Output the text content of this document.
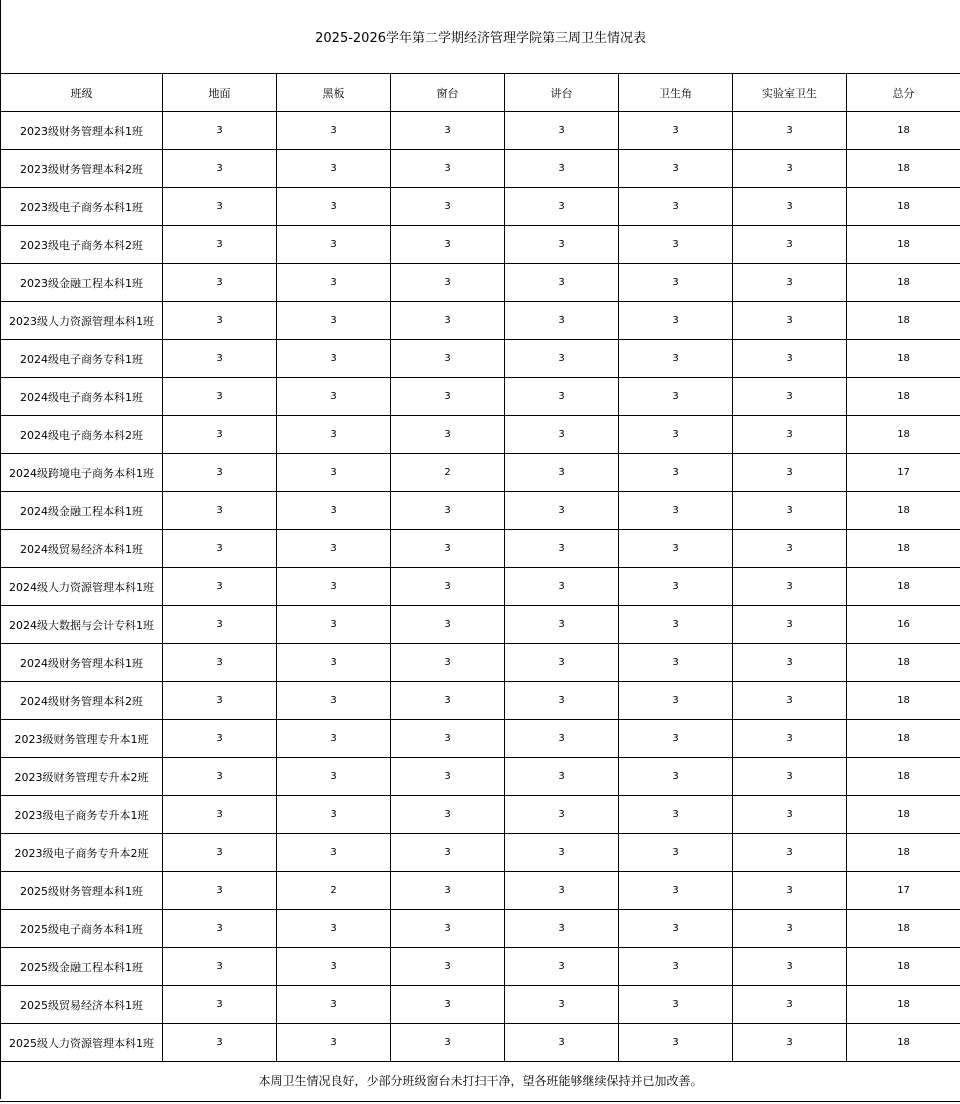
2025-2026学年第二学期经济管理学院第三周卫生情况表							
班级	地面	黑板	窗台	讲台	卫生角	实验室卫生	总分
2023级财务管理本科1班	3	3	3	3	3	3	18
2023级财务管理本科2班	3	3	3	3	3	3	18
2023级电子商务本科1班	3	3	3	3	3	3	18
2023级电子商务本科2班	3	3	3	3	3	3	18
2023级金融工程本科1班	3	3	3	3	3	3	18
2023级人力资源管理本科1班	3	3	3	3	3	3	18
2024级电子商务专科1班	3	3	3	3	3	3	18
2024级电子商务本科1班	3	3	3	3	3	3	18
2024级电子商务本科2班	3	3	3	3	3	3	18
2024级跨境电子商务本科1班	3	3	2	3	3	3	17
2024级金融工程本科1班	3	3	3	3	3	3	18
2024级贸易经济本科1班	3	3	3	3	3	3	18
2024级人力资源管理本科1班	3	3	3	3	3	3	18
2024级大数据与会计专科1班	3	3	3	3	3	3	16
2024级财务管理本科1班	3	3	3	3	3	3	18
2024级财务管理本科2班	3	3	3	3	3	3	18
2023级财务管理专升本1班	3	3	3	3	3	3	18
2023级财务管理专升本2班	3	3	3	3	3	3	18
2023级电子商务专升本1班	3	3	3	3	3	3	18
2023级电子商务专升本2班	3	3	3	3	3	3	18
2025级财务管理本科1班	3	2	3	3	3	3	17
2025级电子商务本科1班	3	3	3	3	3	3	18
2025级金融工程本科1班	3	3	3	3	3	3	18
2025级贸易经济本科1班	3	3	3	3	3	3	18
2025级人力资源管理本科1班	3	3	3	3	3	3	18
本周卫生情况良好，少部分班级窗台未打扫干净，望各班能够继续保持并已加改善。							
